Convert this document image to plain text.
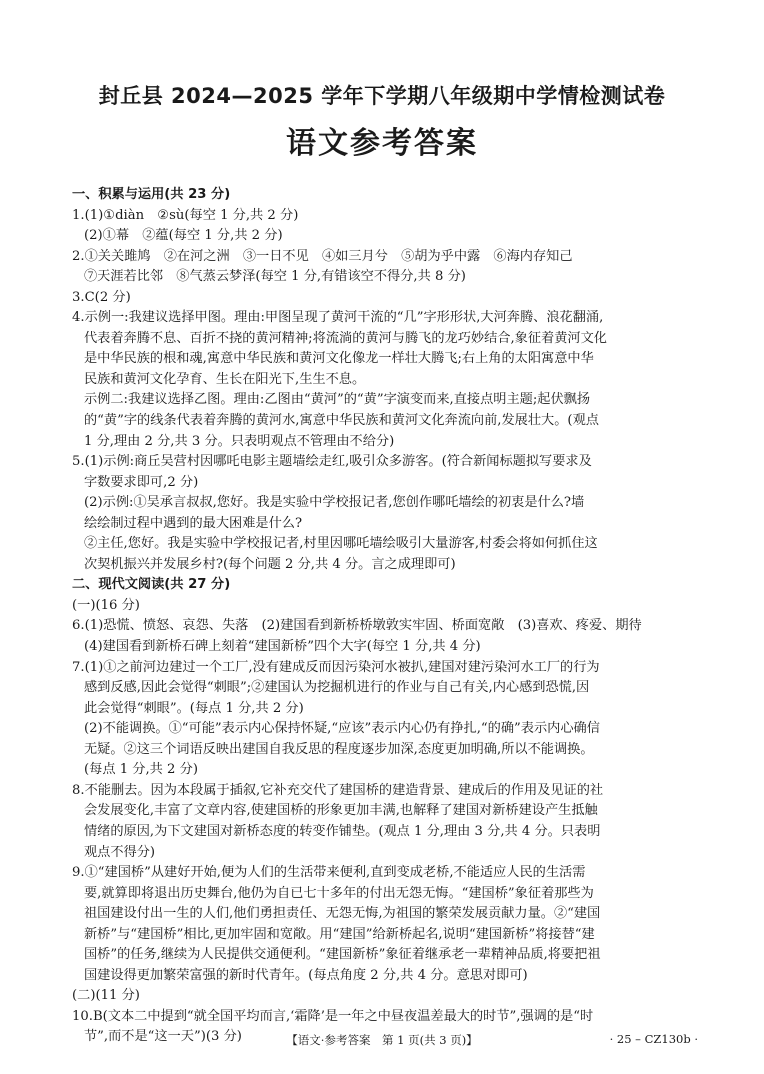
封丘县 2024—2025 学年下学期八年级期中学情检测试卷
语文参考答案
一、积累与运用(共 23 分)
1.(1)①diàn　②sù(每空 1 分,共 2 分)
(2)①幕　②蕴(每空 1 分,共 2 分)
2.①关关雎鸠　②在河之洲　③一日不见　④如三月兮　⑤胡为乎中露　⑥海内存知己
⑦天涯若比邻　⑧气蒸云梦泽(每空 1 分,有错该空不得分,共 8 分)
3.C(2 分)
4.示例一:我建议选择甲图。理由:甲图呈现了黄河干流的“几”字形形状,大河奔腾、浪花翻涌,
代表着奔腾不息、百折不挠的黄河精神;将流淌的黄河与腾飞的龙巧妙结合,象征着黄河文化
是中华民族的根和魂,寓意中华民族和黄河文化像龙一样壮大腾飞;右上角的太阳寓意中华
民族和黄河文化孕育、生长在阳光下,生生不息。
示例二:我建议选择乙图。理由:乙图由“黄河”的“黄”字演变而来,直接点明主题;起伏飘扬
的“黄”字的线条代表着奔腾的黄河水,寓意中华民族和黄河文化奔流向前,发展壮大。(观点
1 分,理由 2 分,共 3 分。只表明观点不管理由不给分)
5.(1)示例:商丘吴营村因哪吒电影主题墙绘走红,吸引众多游客。(符合新闻标题拟写要求及
字数要求即可,2 分)
(2)示例:①吴承言叔叔,您好。我是实验中学校报记者,您创作哪吒墙绘的初衷是什么?墙
绘绘制过程中遇到的最大困难是什么?
②主任,您好。我是实验中学校报记者,村里因哪吒墙绘吸引大量游客,村委会将如何抓住这
次契机振兴并发展乡村?(每个问题 2 分,共 4 分。言之成理即可)
二、现代文阅读(共 27 分)
(一)(16 分)
6.(1)恐慌、愤怒、哀怨、失落　(2)建国看到新桥桥墩敦实牢固、桥面宽敞　(3)喜欢、疼爱、期待
(4)建国看到新桥石碑上刻着“建国新桥”四个大字(每空 1 分,共 4 分)
7.(1)①之前河边建过一个工厂,没有建成反而因污染河水被扒,建国对建污染河水工厂的行为
感到反感,因此会觉得“刺眼”;②建国认为挖掘机进行的作业与自己有关,内心感到恐慌,因
此会觉得“刺眼”。(每点 1 分,共 2 分)
(2)不能调换。①“可能”表示内心保持怀疑,“应该”表示内心仍有挣扎,“的确”表示内心确信
无疑。②这三个词语反映出建国自我反思的程度逐步加深,态度更加明确,所以不能调换。
(每点 1 分,共 2 分)
8.不能删去。因为本段属于插叙,它补充交代了建国桥的建造背景、建成后的作用及见证的社
会发展变化,丰富了文章内容,使建国桥的形象更加丰满,也解释了建国对新桥建设产生抵触
情绪的原因,为下文建国对新桥态度的转变作铺垫。(观点 1 分,理由 3 分,共 4 分。只表明
观点不得分)
9.①“建国桥”从建好开始,便为人们的生活带来便利,直到变成老桥,不能适应人民的生活需
要,就算即将退出历史舞台,他仍为自已七十多年的付出无怨无悔。“建国桥”象征着那些为
祖国建设付出一生的人们,他们勇担责任、无怨无悔,为祖国的繁荣发展贡献力量。②“建国
新桥”与“建国桥”相比,更加牢固和宽敞。用“建国”给新桥起名,说明“建国新桥”将接替“建
国桥”的任务,继续为人民提供交通便利。“建国新桥”象征着继承老一辈精神品质,将要把祖
国建设得更加繁荣富强的新时代青年。(每点角度 2 分,共 4 分。意思对即可)
(二)(11 分)
10.B(文本二中提到“就全国平均而言,‘霜降’是一年之中昼夜温差最大的时节”,强调的是“时
节”,而不是“这一天”)(3 分)	【语文·参考答案　第 1 页(共 3 页)】	· 25 – CZ130b ·
